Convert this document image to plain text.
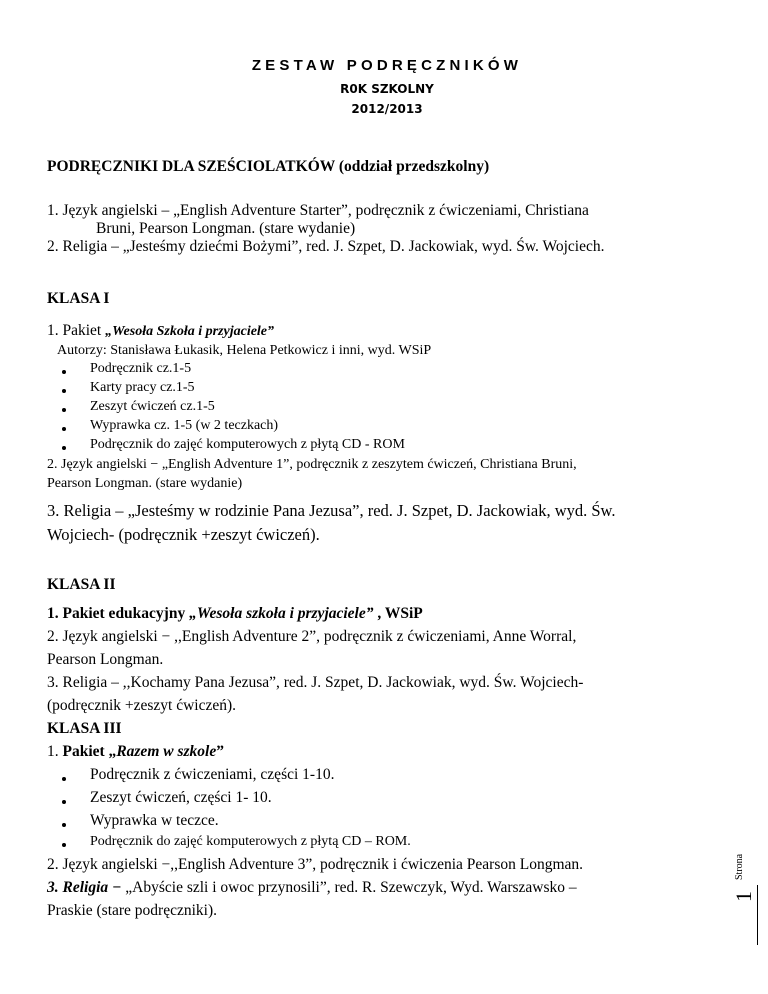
ZESTAW PODRĘCZNIKÓW
R0K SZKOLNY
2012/2013
PODRĘCZNIKI DLA SZEŚCIOLATKÓW (oddział przedszkolny)
1. Język angielski – „English Adventure Starter”, podręcznik z ćwiczeniami, Christiana
Bruni, Pearson Longman. (stare wydanie)
2. Religia – „Jesteśmy dziećmi Bożymi”, red. J. Szpet, D. Jackowiak, wyd. Św. Wojciech.
KLASA I
1. Pakiet „Wesoła Szkoła i przyjaciele”
Autorzy: Stanisława Łukasik, Helena Petkowicz i inni, wyd. WSiP
Podręcznik cz.1-5
Karty pracy cz.1-5
Zeszyt ćwiczeń cz.1-5
Wyprawka cz. 1-5 (w 2 teczkach)
Podręcznik do zajęć komputerowych z płytą CD - ROM
2. Język angielski − „English Adventure 1”, podręcznik z zeszytem ćwiczeń, Christiana Bruni,
Pearson Longman. (stare wydanie)
3. Religia – „Jesteśmy w rodzinie Pana Jezusa”, red. J. Szpet, D. Jackowiak, wyd. Św.
Wojciech- (podręcznik +zeszyt ćwiczeń).
KLASA II
1. Pakiet edukacyjny „Wesoła szkoła i przyjaciele” , WSiP
2. Język angielski − ,,English Adventure 2”, podręcznik z ćwiczeniami, Anne Worral,
Pearson Longman.
3. Religia – ,,Kochamy Pana Jezusa”, red. J. Szpet, D. Jackowiak, wyd. Św. Wojciech-
(podręcznik +zeszyt ćwiczeń).
KLASA III
1. Pakiet „Razem w szkole”
Podręcznik z ćwiczeniami, części 1-10.
Zeszyt ćwiczeń, części 1- 10.
Wyprawka w teczce.
Podręcznik do zajęć komputerowych z płytą CD – ROM.
2. Język angielski −,,English Adventure 3”, podręcznik i ćwiczenia Pearson Longman.
3. Religia − „Abyście szli i owoc przynosili”, red. R. Szewczyk, Wyd. Warszawsko –
Praskie (stare podręczniki).
Strona
1
